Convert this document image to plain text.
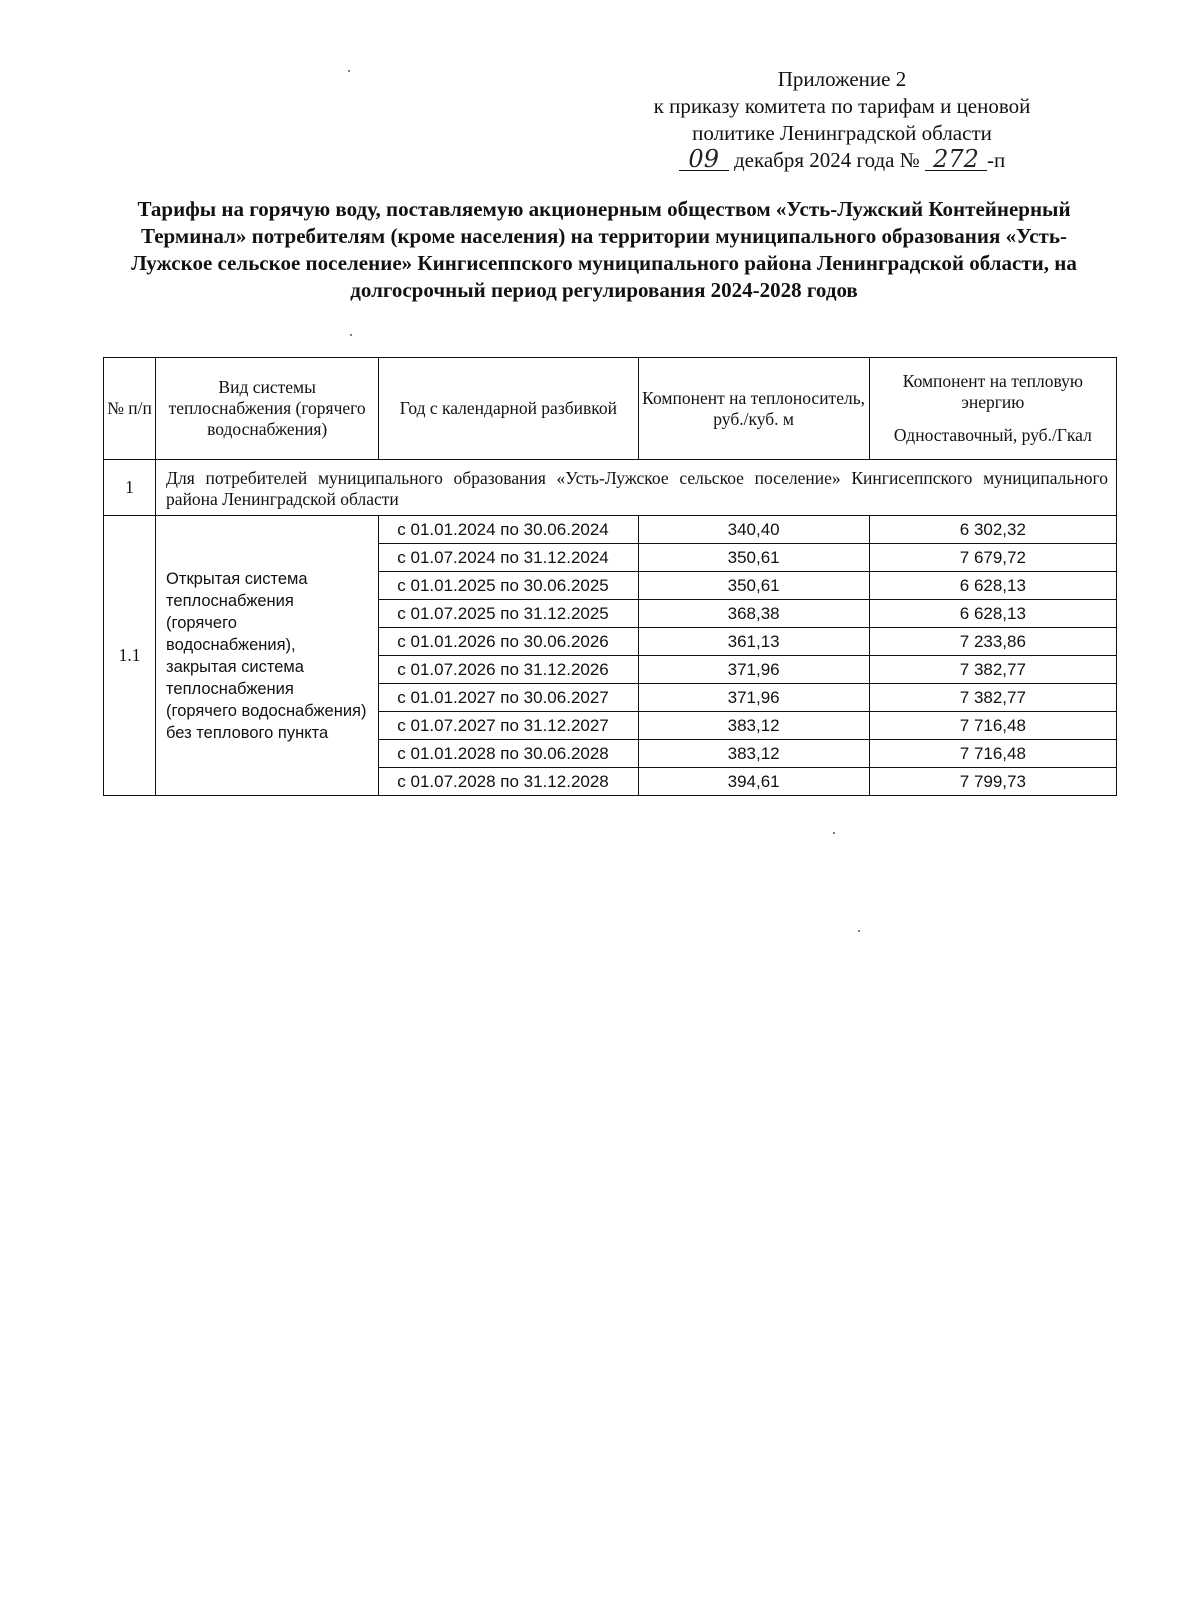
Приложение 2
к приказу комитета по тарифам и ценовой
политике Ленинградской области
09 декабря 2024 года № 272 -п
Тарифы на горячую воду, поставляемую акционерным обществом «Усть-Лужский Контейнерный Терминал» потребителям (кроме населения) на территории муниципального образования «Усть-Лужское сельское поселение» Кингисеппского муниципального района Ленинградской области, на долгосрочный период регулирования 2024-2028 годов
№ п/п	Вид системы теплоснабжения (горячего водоснабжения)	Год с календарной разбивкой	Компонент на теплоноситель, руб./куб. м	Компонент на тепловую энергию
Одноставочный, руб./Гкал
1	Для потребителей муниципального образования «Усть-Лужское сельское поселение» Кингисеппского муниципального района Ленинградской области			
1.1	Открытая система теплоснабжения (горячего водоснабжения), закрытая система теплоснабжения (горячего водоснабжения) без теплового пункта	с 01.01.2024 по 30.06.2024	340,40	6 302,32
		с 01.07.2024 по 31.12.2024	350,61	7 679,72
		с 01.01.2025 по 30.06.2025	350,61	6 628,13
		с 01.07.2025 по 31.12.2025	368,38	6 628,13
		с 01.01.2026 по 30.06.2026	361,13	7 233,86
		с 01.07.2026 по 31.12.2026	371,96	7 382,77
		с 01.01.2027 по 30.06.2027	371,96	7 382,77
		с 01.07.2027 по 31.12.2027	383,12	7 716,48
		с 01.01.2028 по 30.06.2028	383,12	7 716,48
		с 01.07.2028 по 31.12.2028	394,61	7 799,73
